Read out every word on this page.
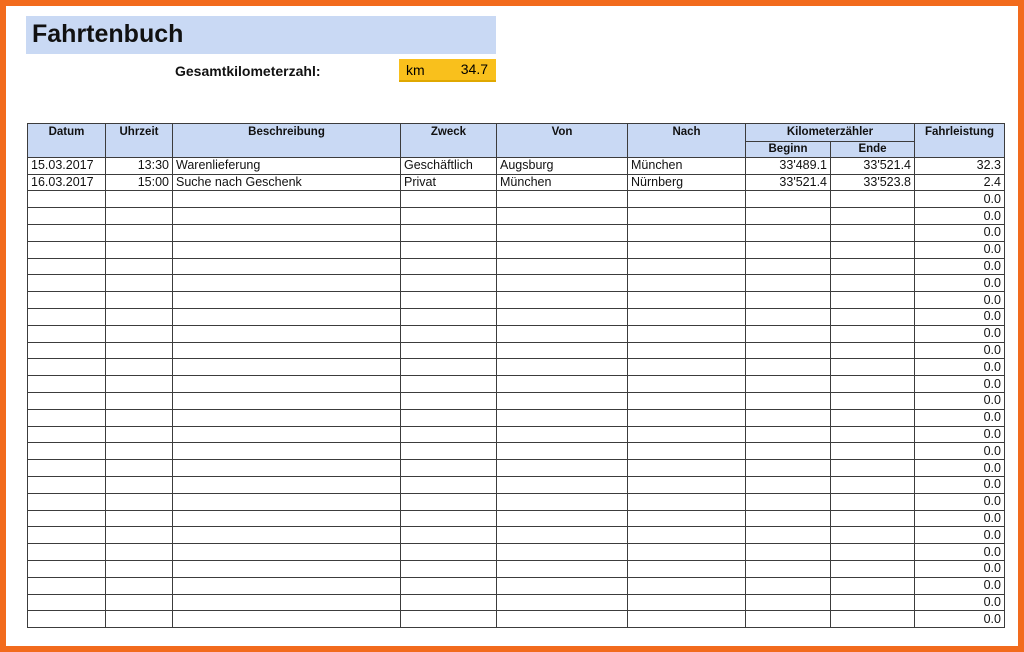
Fahrtenbuch
Gesamtkilometerzahl:	km	34.7
Datum	Uhrzeit	Beschreibung	Zweck	Von	Nach	Kilometerzähler		Fahrleistung
						Beginn	Ende	
15.03.2017	13:30	Warenlieferung	Geschäftlich	Augsburg	München	33'489.1	33'521.4	32.3
16.03.2017	15:00	Suche nach Geschenk	Privat	München	Nürnberg	33'521.4	33'523.8	2.4
								0.0
								0.0
								0.0
								0.0
								0.0
								0.0
								0.0
								0.0
								0.0
								0.0
								0.0
								0.0
								0.0
								0.0
								0.0
								0.0
								0.0
								0.0
								0.0
								0.0
								0.0
								0.0
								0.0
								0.0
								0.0
								0.0
